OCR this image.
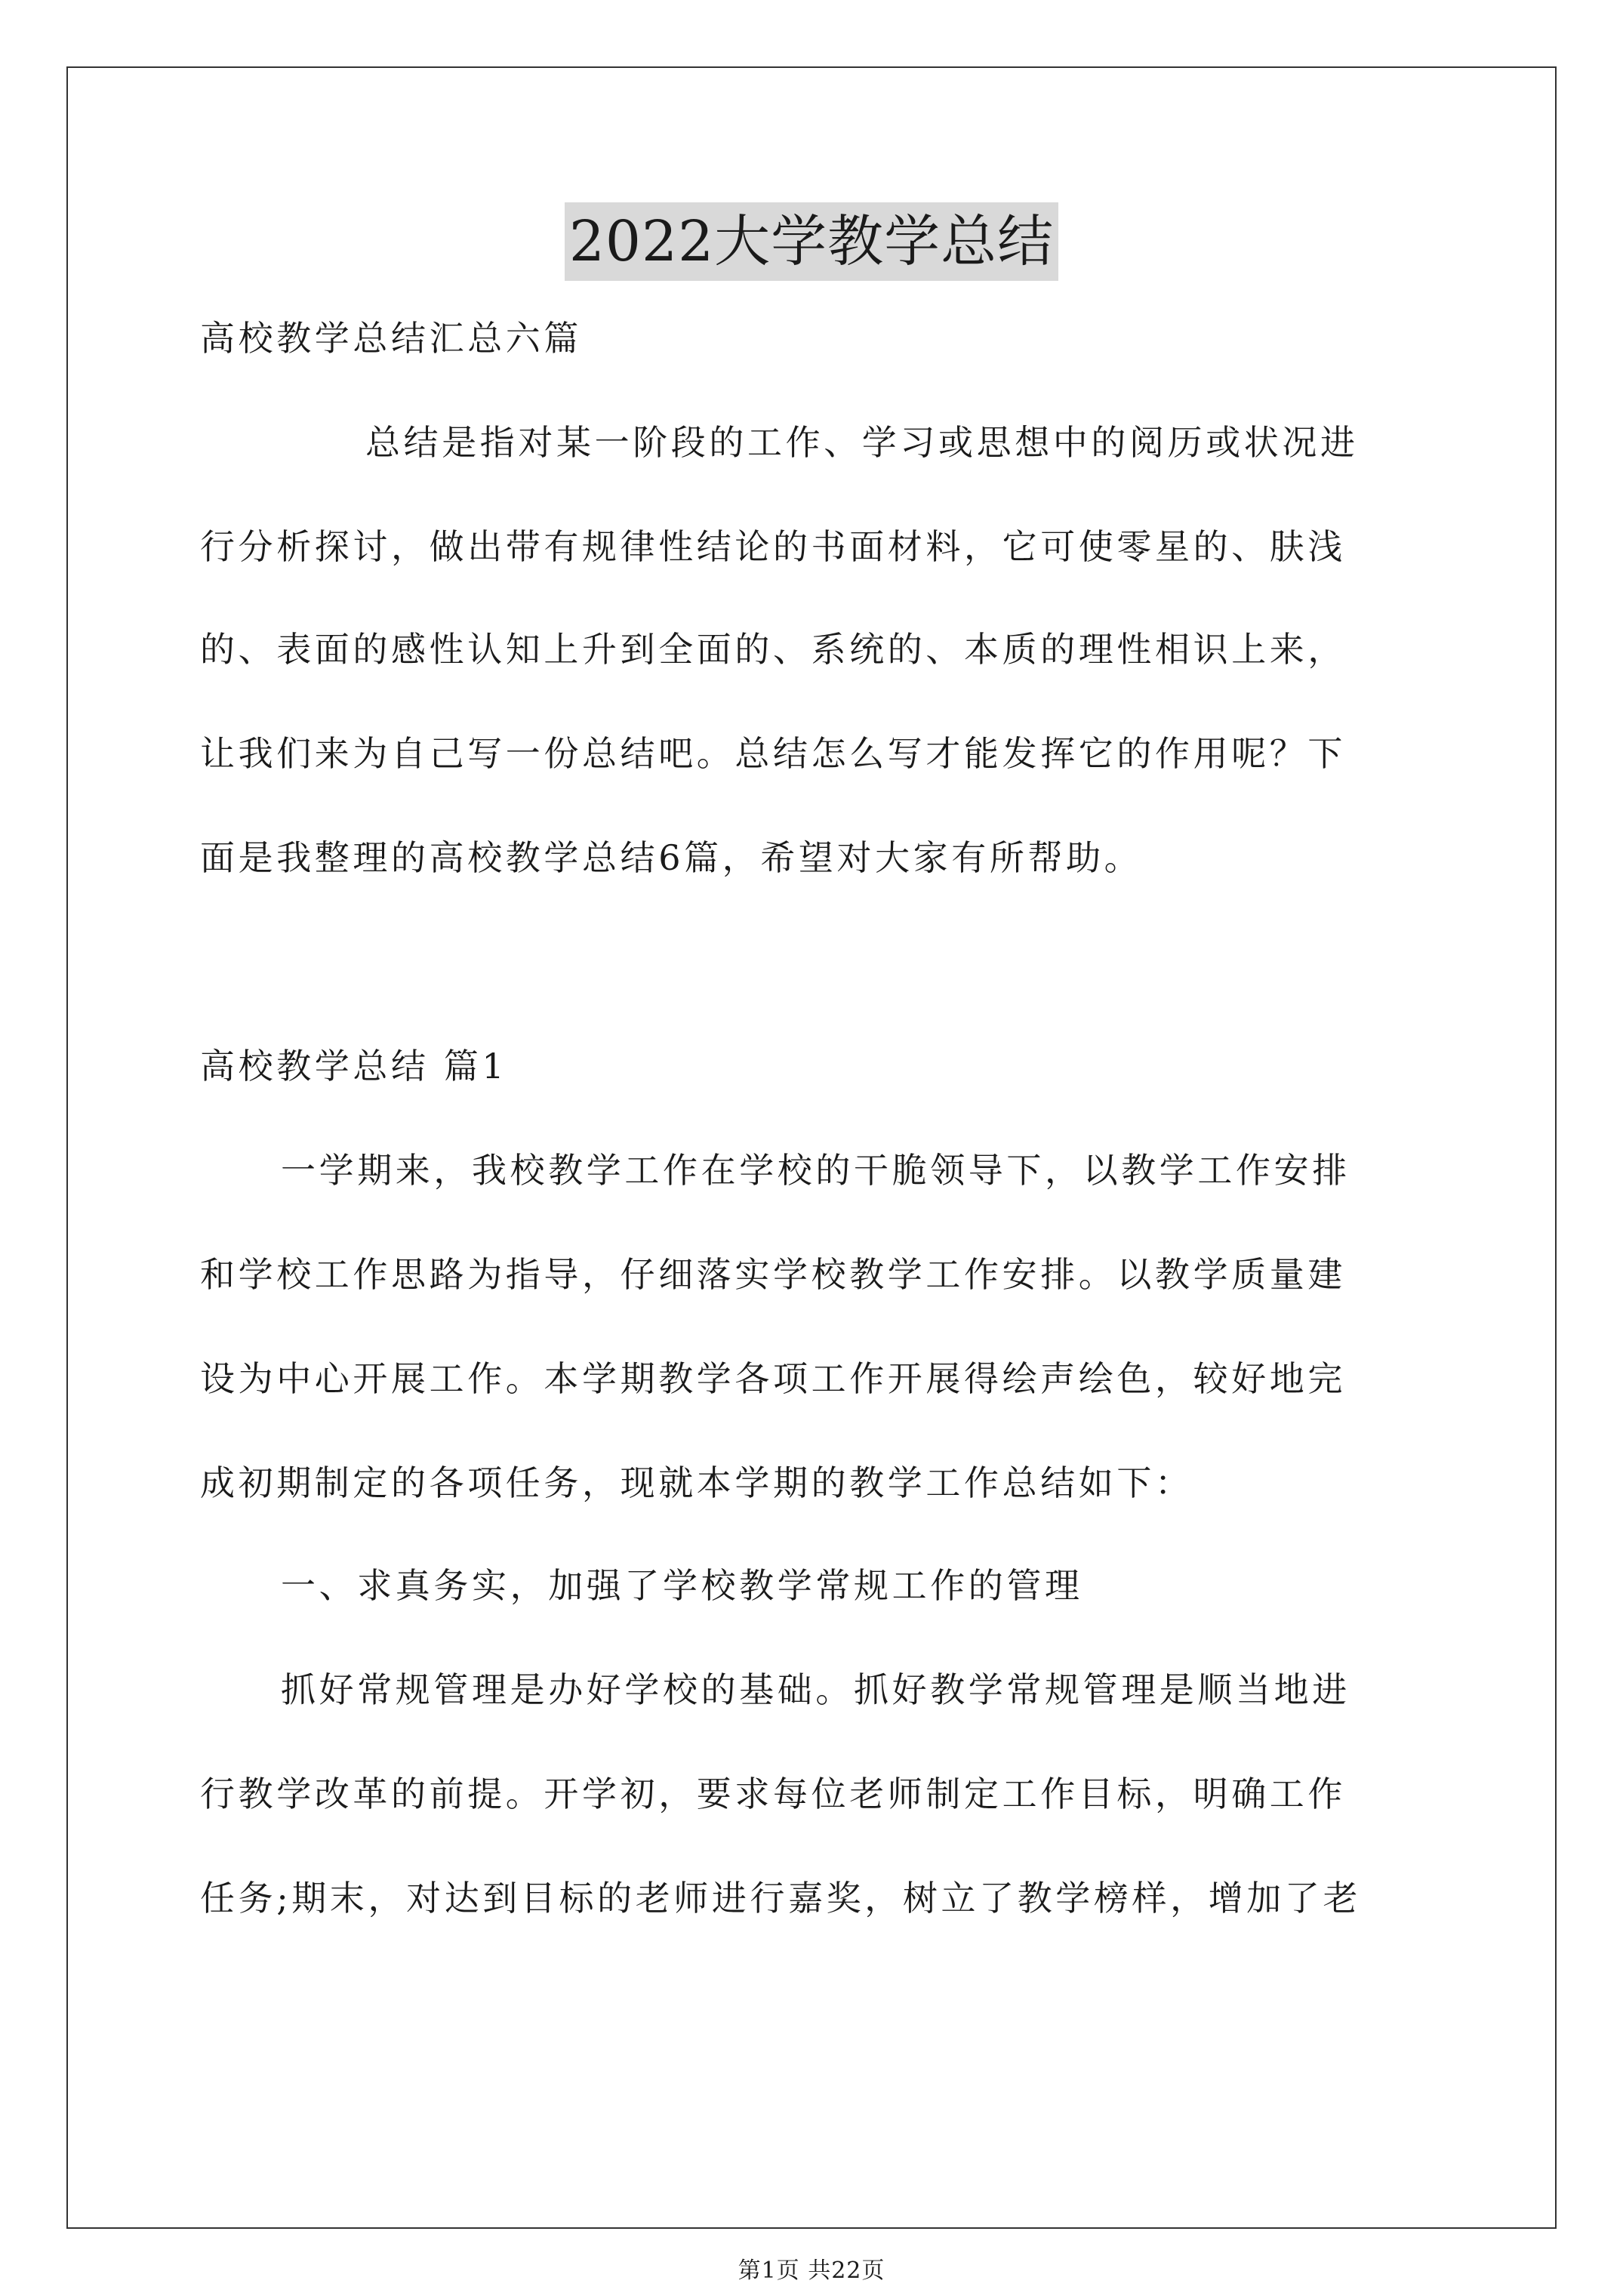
2022大学教学总结
高校教学总结汇总六篇
总结是指对某一阶段的工作、学习或思想中的阅历或状况进
行分析探讨，做出带有规律性结论的书面材料，它可使零星的、肤浅
的、表面的感性认知上升到全面的、系统的、本质的理性相识上来，
让我们来为自己写一份总结吧。总结怎么写才能发挥它的作用呢？下
面是我整理的高校教学总结6篇，希望对大家有所帮助。
高校教学总结 篇1
一学期来，我校教学工作在学校的干脆领导下，以教学工作安排
和学校工作思路为指导，仔细落实学校教学工作安排。以教学质量建
设为中心开展工作。本学期教学各项工作开展得绘声绘色，较好地完
成初期制定的各项任务，现就本学期的教学工作总结如下：
一、求真务实，加强了学校教学常规工作的管理
抓好常规管理是办好学校的基础。抓好教学常规管理是顺当地进
行教学改革的前提。开学初，要求每位老师制定工作目标，明确工作
任务;期末，对达到目标的老师进行嘉奖，树立了教学榜样，增加了老
第1页 共22页
